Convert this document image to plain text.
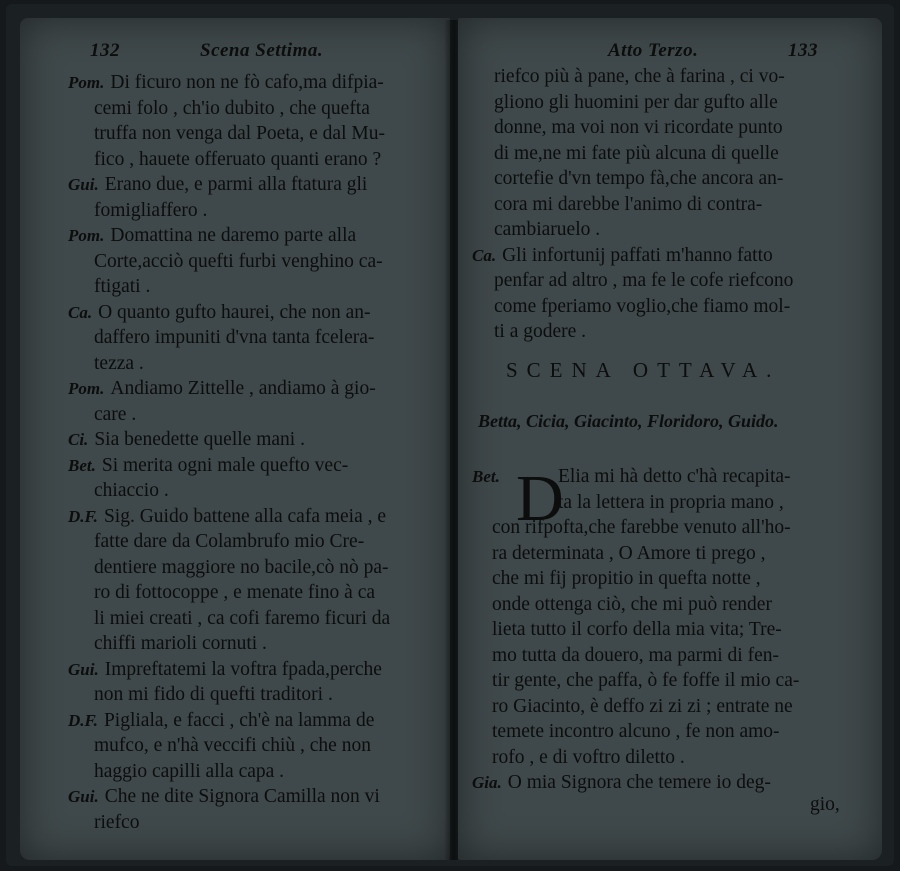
132	Scena Settima.
Pom. Di ficuro non ne fò cafo,ma difpia-
cemi folo , ch'io dubito , che quefta
truffa non venga dal Poeta, e dal Mu-
fico , hauete offeruato quanti erano ?
Gui. Erano due, e parmi alla ftatura gli
fomigliaffero .
Pom. Domattina ne daremo parte alla
Corte,acciò quefti furbi venghino ca-
ftigati .
Ca. O quanto gufto haurei, che non an-
daffero impuniti d'vna tanta fcelera-
tezza .
Pom. Andiamo Zittelle , andiamo à gio-
care .
Ci. Sia benedette quelle mani .
Bet. Si merita ogni male quefto vec-
chiaccio .
D.F. Sig. Guido battene alla cafa meia , e
fatte dare da Colambrufo mio Cre-
dentiere maggiore no bacile,cò nò pa-
ro di fottocoppe , e menate fino à ca
li miei creati , ca cofi faremo ficuri da
chiffi marioli cornuti .
Gui. Impreftatemi la voftra fpada,perche
non mi fido di quefti traditori .
D.F. Pigliala, e facci , ch'è na lamma de
mufco, e n'hà veccifi chiù , che non
haggio capilli alla capa .
Gui. Che ne dite Signora Camilla non vi
riefco
Atto Terzo.	133
riefco più à pane, che à farina , ci vo-
gliono gli huomini per dar gufto alle
donne, ma voi non vi ricordate punto
di me,ne mi fate più alcuna di quelle
cortefie d'vn tempo fà,che ancora an-
cora mi darebbe l'animo di contra-
cambiaruelo .
Ca. Gli infortunij paffati m'hanno fatto
penfar ad altro , ma fe le cofe riefcono
come fperiamo voglio,che fiamo mol-
ti a godere .
SCENA OTTAVA.
Betta, Cicia, Giacinto, Floridoro, Guido.
D
Bet.	Elia mi hà detto c'hà recapita-
ta la lettera in propria mano ,
con rifpofta,che farebbe venuto all'ho-
ra determinata , O Amore ti prego ,
che mi fij propitio in quefta notte ,
onde ottenga ciò, che mi può render
lieta tutto il corfo della mia vita; Tre-
mo tutta da douero, ma parmi di fen-
tir gente, che paffa, ò fe foffe il mio ca-
ro Giacinto, è deffo zi zi zi ; entrate ne
temete incontro alcuno , fe non amo-
rofo , e di voftro diletto .
Gia. O mia Signora che temere io deg-
gio,
